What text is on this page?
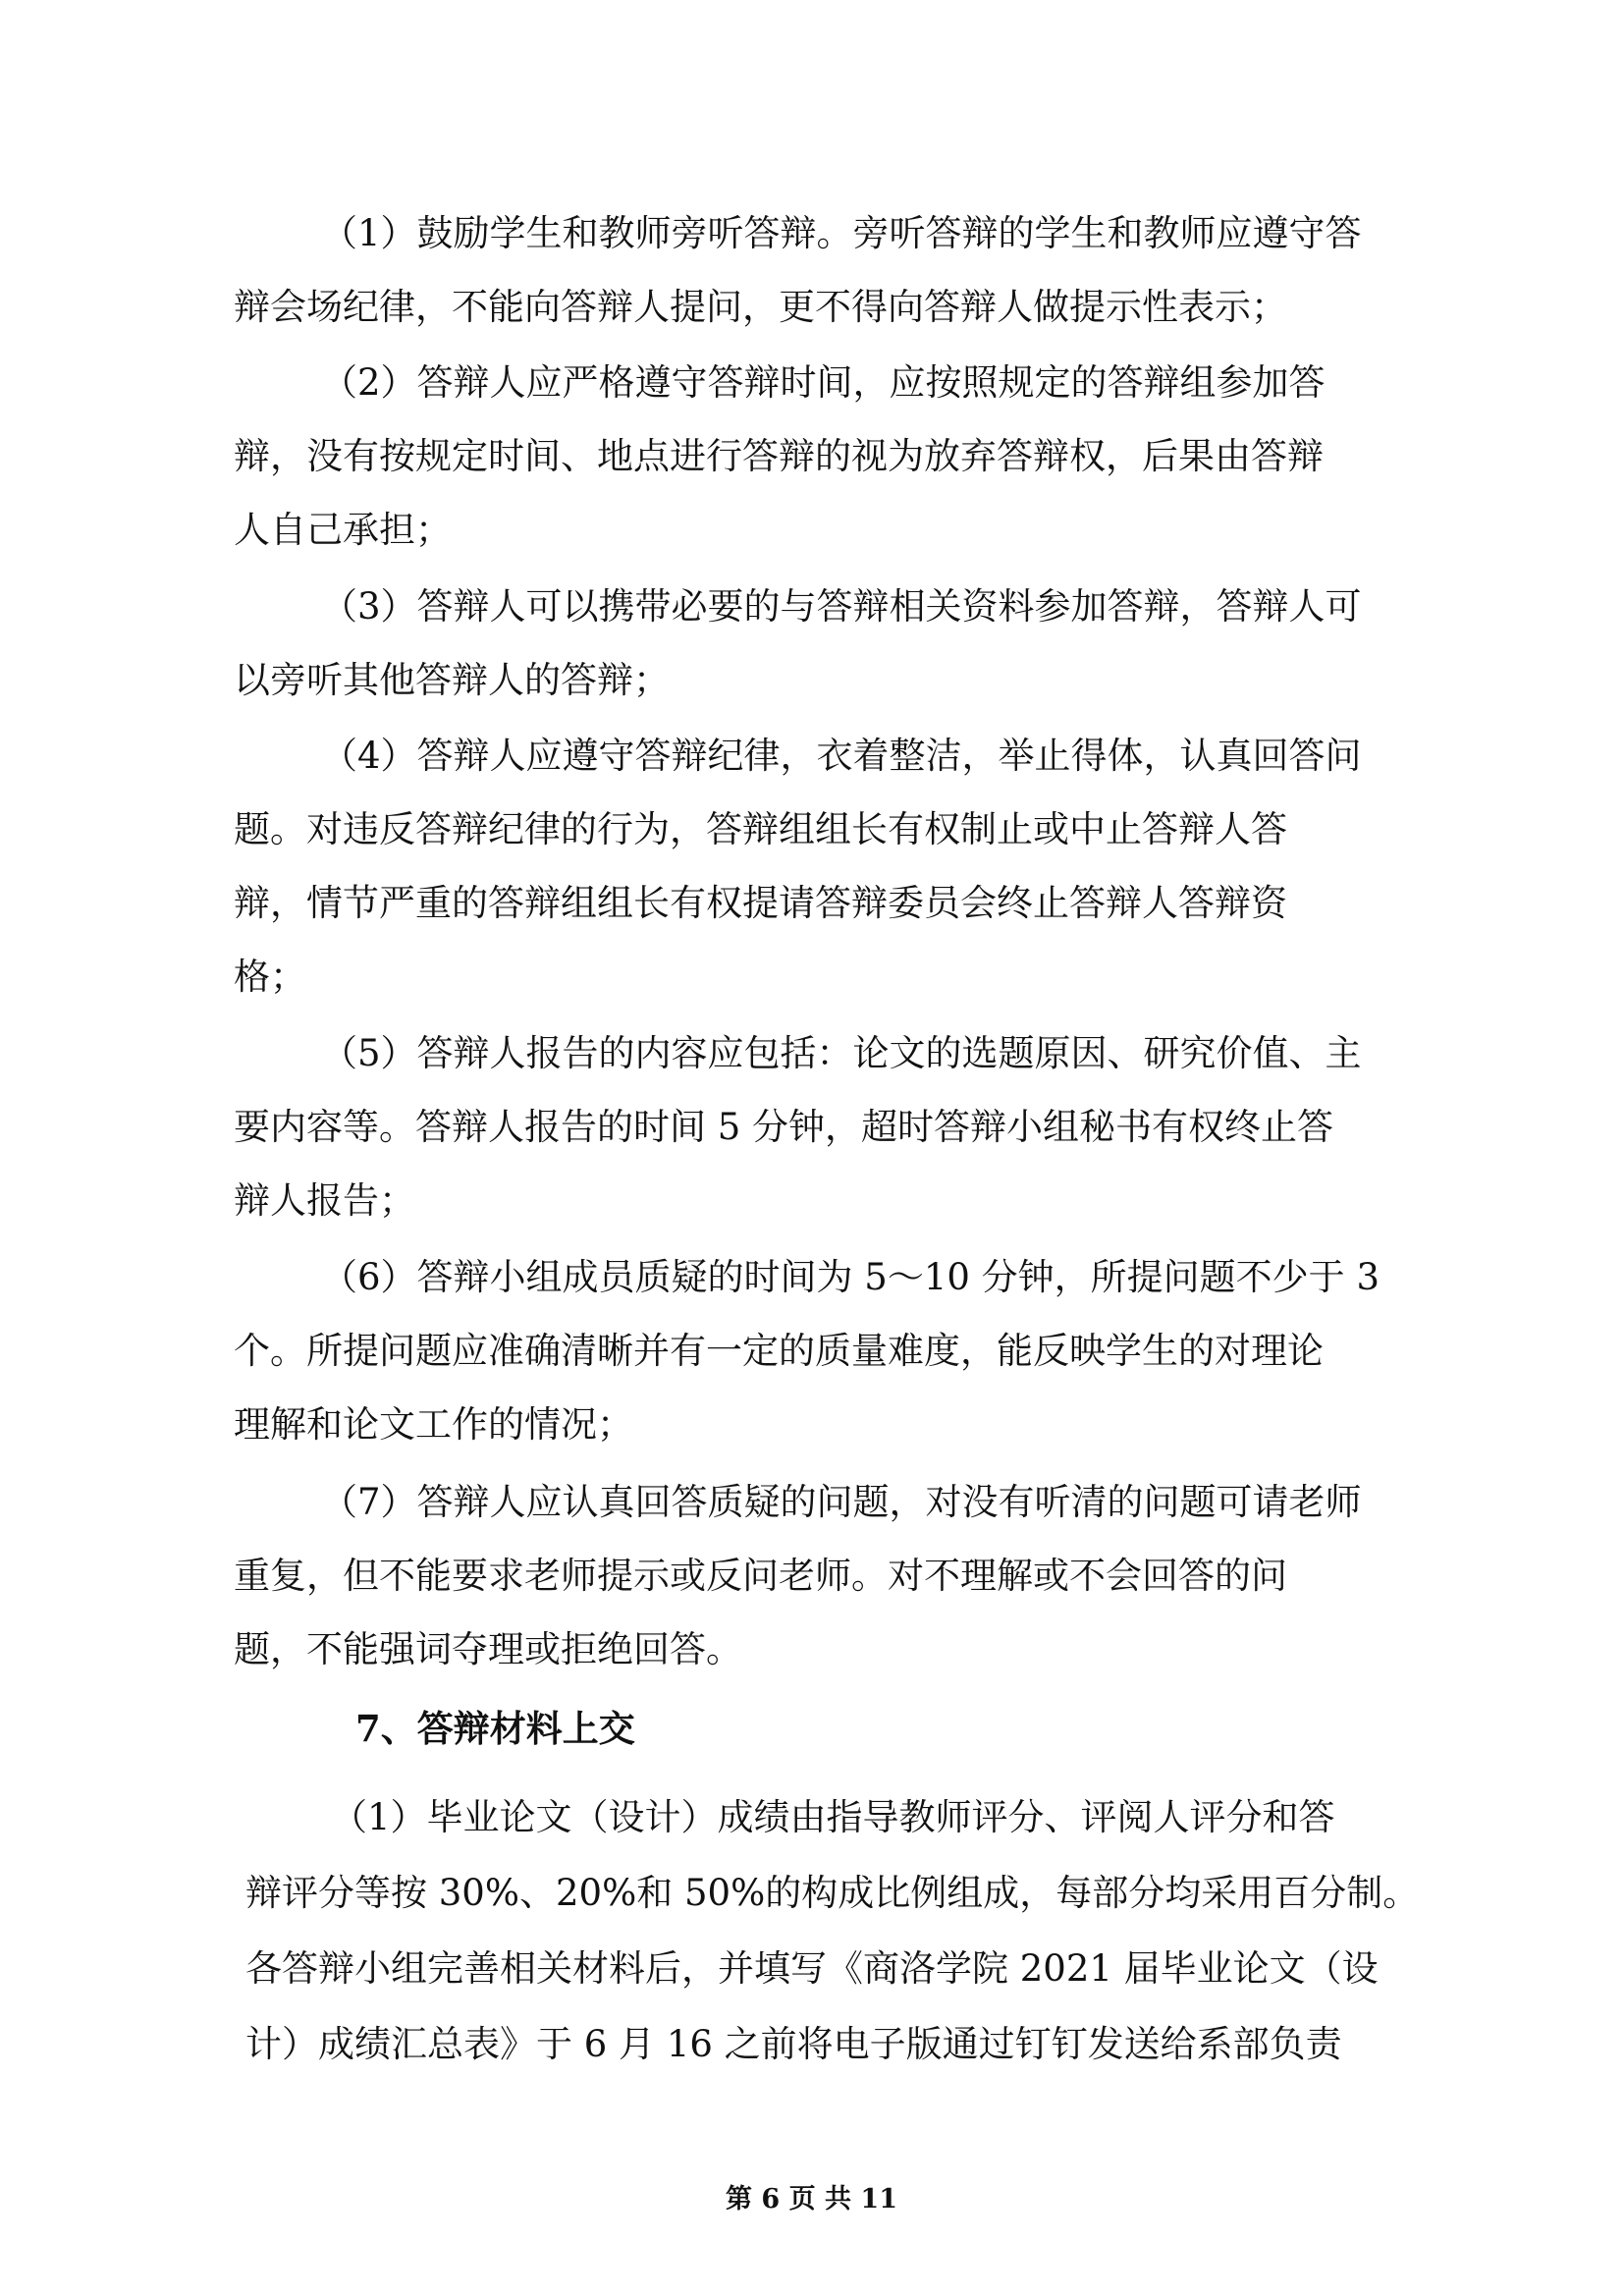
（1）鼓励学生和教师旁听答辩。旁听答辩的学生和教师应遵守答
辩会场纪律，不能向答辩人提问，更不得向答辩人做提示性表示；
（2）答辩人应严格遵守答辩时间，应按照规定的答辩组参加答
辩，没有按规定时间、地点进行答辩的视为放弃答辩权，后果由答辩
人自己承担；
（3）答辩人可以携带必要的与答辩相关资料参加答辩，答辩人可
以旁听其他答辩人的答辩；
（4）答辩人应遵守答辩纪律，衣着整洁，举止得体，认真回答问
题。对违反答辩纪律的行为，答辩组组长有权制止或中止答辩人答
辩，情节严重的答辩组组长有权提请答辩委员会终止答辩人答辩资
格；
（5）答辩人报告的内容应包括：论文的选题原因、研究价值、主
要内容等。答辩人报告的时间 5 分钟，超时答辩小组秘书有权终止答
辩人报告；
（6）答辩小组成员质疑的时间为 5～10 分钟，所提问题不少于 3
个。所提问题应准确清晰并有一定的质量难度，能反映学生的对理论
理解和论文工作的情况；
（7）答辩人应认真回答质疑的问题，对没有听清的问题可请老师
重复，但不能要求老师提示或反问老师。对不理解或不会回答的问
题，不能强词夺理或拒绝回答。
7、答辩材料上交
（1）毕业论文（设计）成绩由指导教师评分、评阅人评分和答
辩评分等按 30%、20%和 50%的构成比例组成，每部分均采用百分制。
各答辩小组完善相关材料后，并填写《商洛学院 2021 届毕业论文（设
计）成绩汇总表》于 6 月 16 之前将电子版通过钉钉发送给系部负责
第 6 页 共 11
